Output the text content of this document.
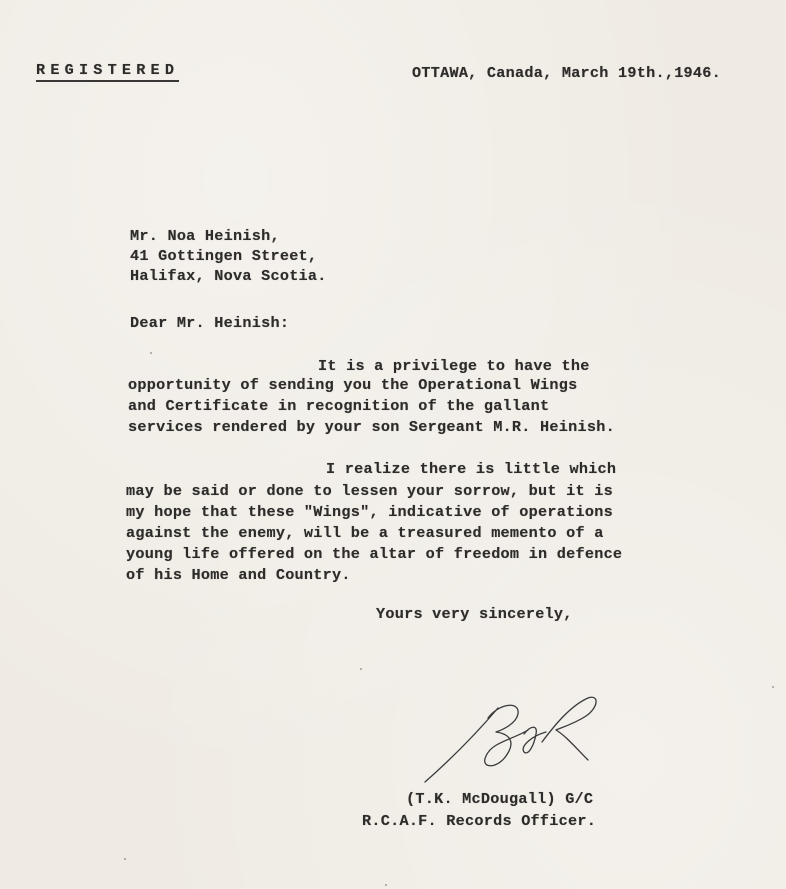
REGISTERED	OTTAWA, Canada, March 19th.,1946.
Mr. Noa Heinish,
41 Gottingen Street,
Halifax, Nova Scotia.
Dear Mr. Heinish:
It is a privilege to have the
opportunity of sending you the Operational Wings
and Certificate in recognition of the gallant
services rendered by your son Sergeant M.R. Heinish.
I realize there is little which
may be said or done to lessen your sorrow, but it is
my hope that these "Wings", indicative of operations
against the enemy, will be a treasured memento of a
young life offered on the altar of freedom in defence
of his Home and Country.
Yours very sincerely,
(T.K. McDougall) G/C
R.C.A.F. Records Officer.
